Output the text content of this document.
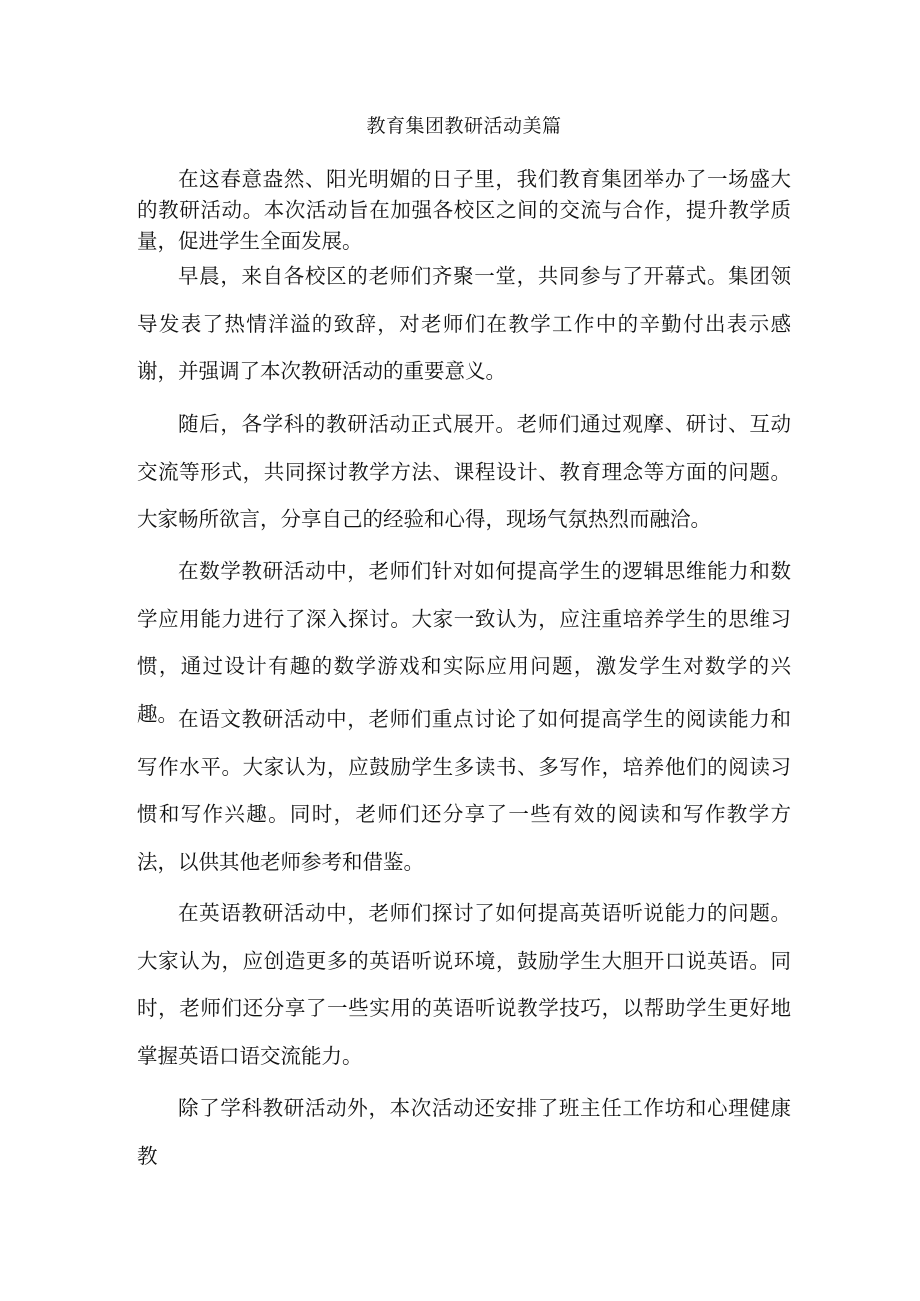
教育集团教研活动美篇

在这春意盎然、阳光明媚的日子里，我们教育集团举办了一场盛大的教研活动。本次活动旨在加强各校区之间的交流与合作，提升教学质量，促进学生全面发展。

早晨，来自各校区的老师们齐聚一堂，共同参与了开幕式。集团领导发表了热情洋溢的致辞，对老师们在教学工作中的辛勤付出表示感谢，并强调了本次教研活动的重要意义。

随后，各学科的教研活动正式展开。老师们通过观摩、研讨、互动交流等形式，共同探讨教学方法、课程设计、教育理念等方面的问题。大家畅所欲言，分享自己的经验和心得，现场气氛热烈而融洽。

在数学教研活动中，老师们针对如何提高学生的逻辑思维能力和数学应用能力进行了深入探讨。大家一致认为，应注重培养学生的思维习惯，通过设计有趣的数学游戏和实际应用问题，激发学生对数学的兴趣。 在语文教研活动中，老师们重点讨论了如何提高学生的阅读能力和写作水平。大家认为，应鼓励学生多读书、多写作，培养他们的阅读习惯和写作兴趣。同时，老师们还分享了一些有效的阅读和写作教学方法，以供其他老师参考和借鉴。

在英语教研活动中，老师们探讨了如何提高英语听说能力的问题。大家认为，应创造更多的英语听说环境，鼓励学生大胆开口说英语。同时，老师们还分享了一些实用的英语听说教学技巧，以帮助学生更好地掌握英语口语交流能力。

除了学科教研活动外，本次活动还安排了班主任工作坊和心理健康教
